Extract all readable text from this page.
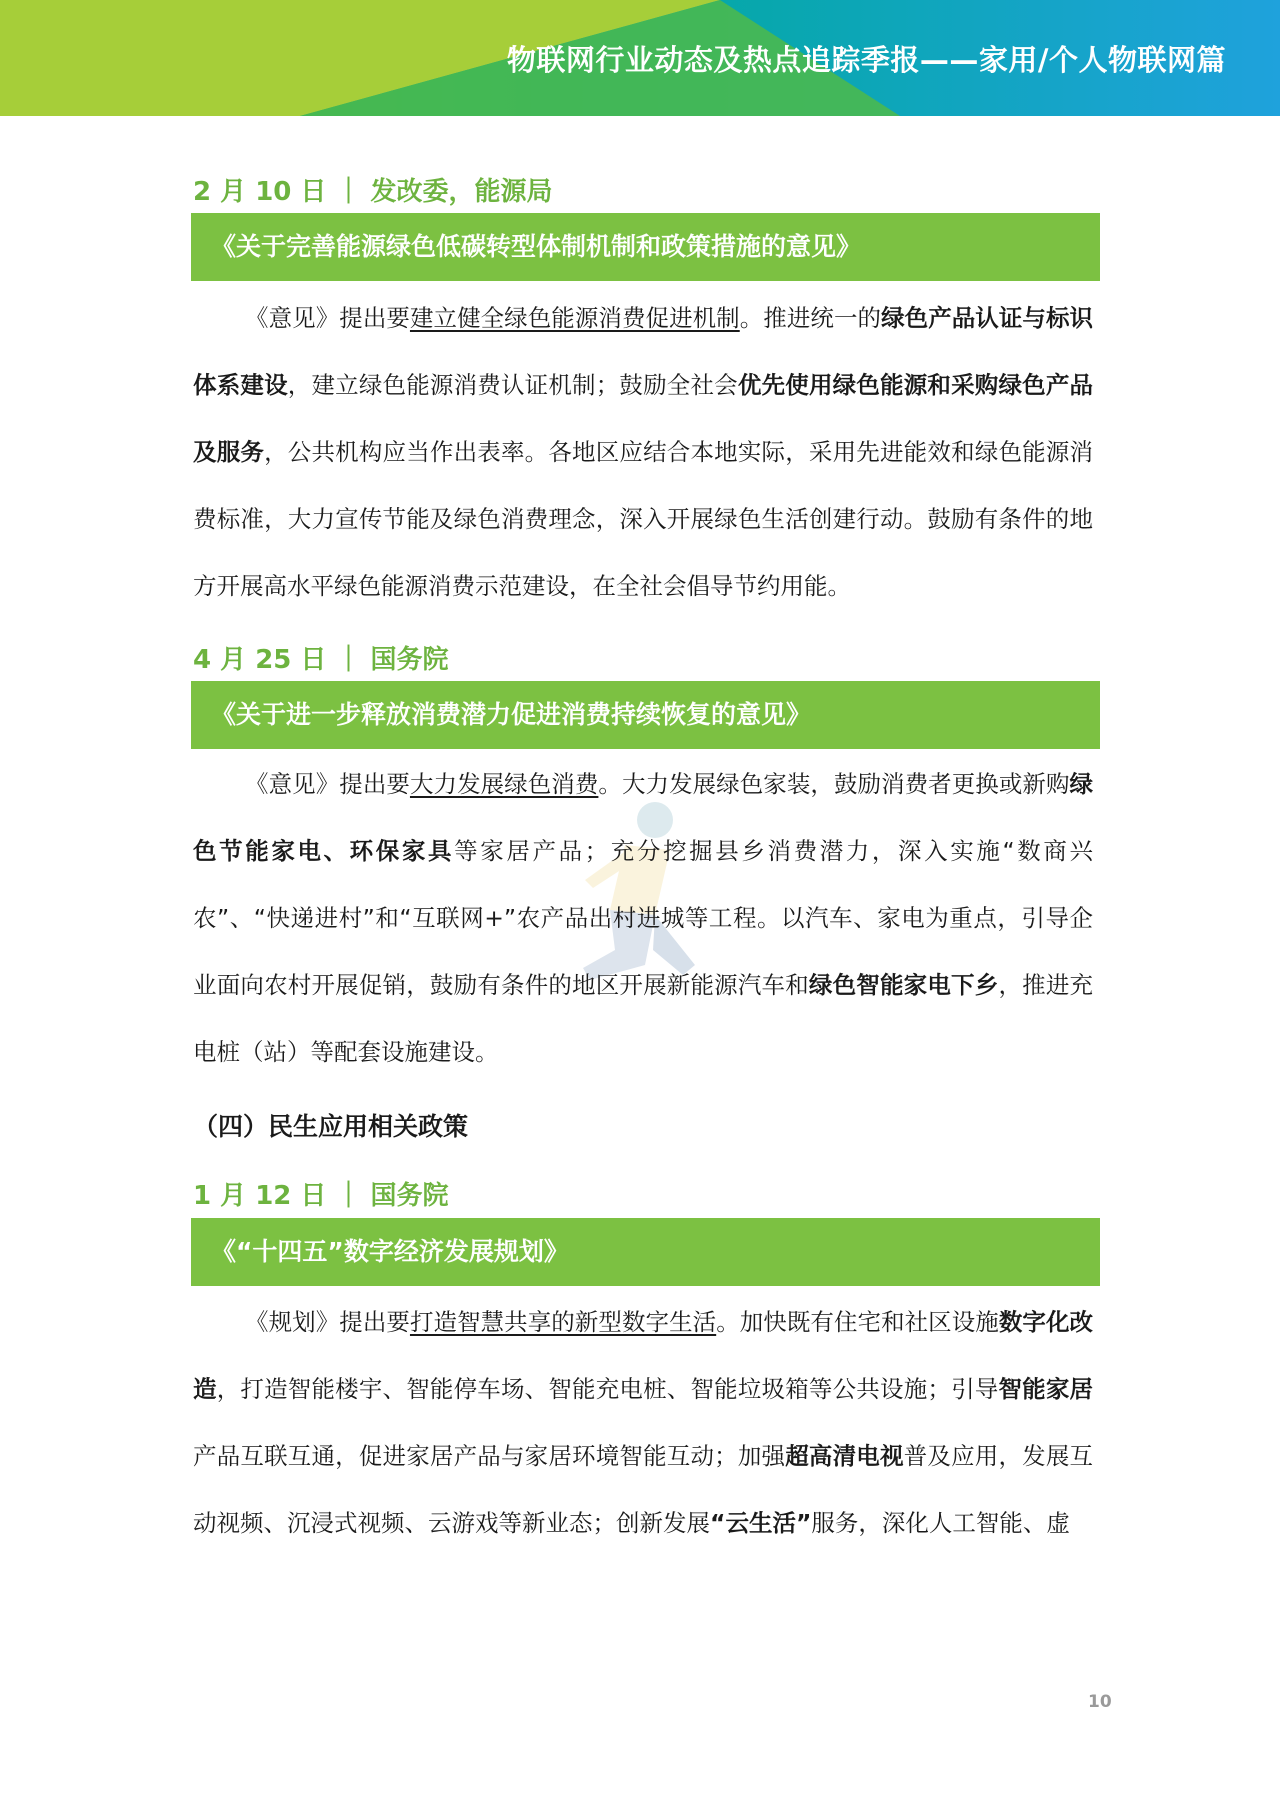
物联网行业动态及热点追踪季报——家用/个人物联网篇
2 月 10 日 ｜ 发改委，能源局
《关于完善能源绿色低碳转型体制机制和政策措施的意见》
《意见》提出要建立健全绿色能源消费促进机制。推进统一的绿色产品认证与标识体系建设，建立绿色能源消费认证机制；鼓励全社会优先使用绿色能源和采购绿色产品及服务，公共机构应当作出表率。各地区应结合本地实际，采用先进能效和绿色能源消费标准，大力宣传节能及绿色消费理念，深入开展绿色生活创建行动。鼓励有条件的地方开展高水平绿色能源消费示范建设，在全社会倡导节约用能。
4 月 25 日 ｜ 国务院
《关于进一步释放消费潜力促进消费持续恢复的意见》
《意见》提出要大力发展绿色消费。大力发展绿色家装，鼓励消费者更换或新购绿色节能家电、环保家具等家居产品；充分挖掘县乡消费潜力，深入实施“数商兴农”、“快递进村”和“互联网+”农产品出村进城等工程。以汽车、家电为重点，引导企业面向农村开展促销，鼓励有条件的地区开展新能源汽车和绿色智能家电下乡，推进充电桩（站）等配套设施建设。
（四）民生应用相关政策
1 月 12 日 ｜ 国务院
《“十四五”数字经济发展规划》
《规划》提出要打造智慧共享的新型数字生活。加快既有住宅和社区设施数字化改造，打造智能楼宇、智能停车场、智能充电桩、智能垃圾箱等公共设施；引导智能家居产品互联互通，促进家居产品与家居环境智能互动；加强超高清电视普及应用，发展互动视频、沉浸式视频、云游戏等新业态；创新发展“云生活”服务，深化人工智能、虚
10
